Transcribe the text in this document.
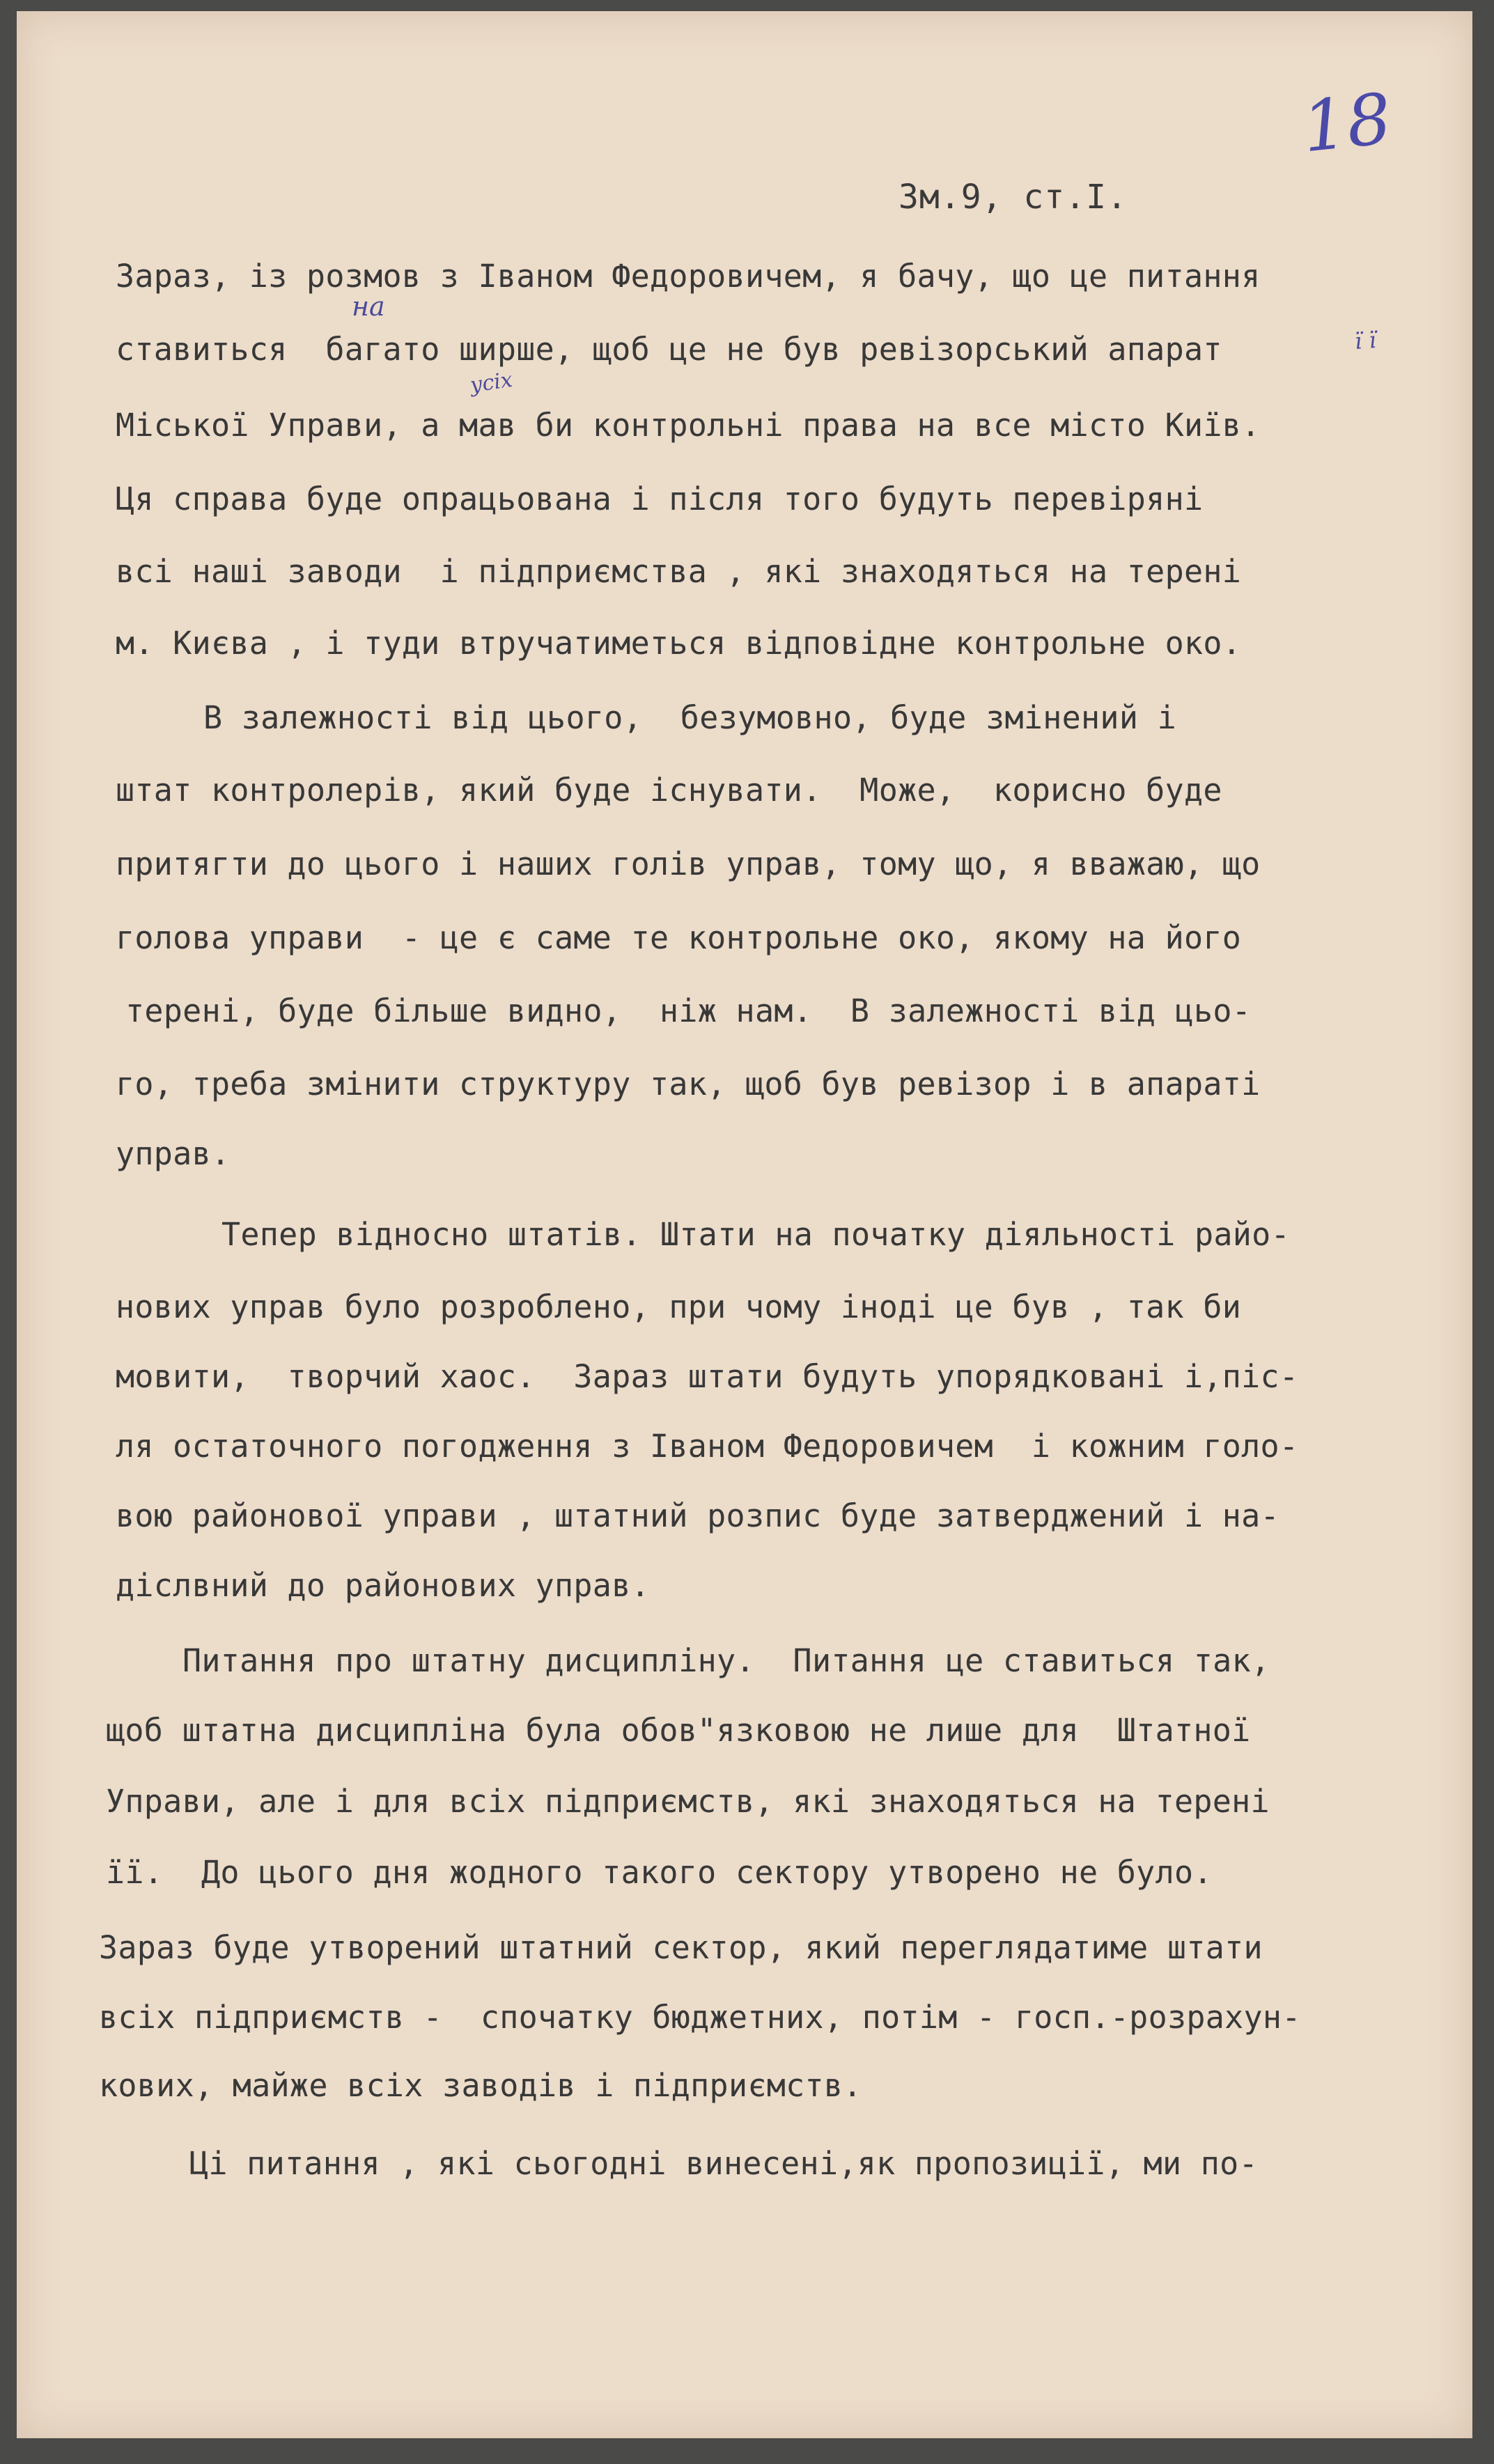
18
Зм.9, ст.І.
на
усіх
ї ї
Зараз, із розмов з Іваном Федоровичем, я бачу, що це питання
ставиться  багато ширше, щоб це не був ревізорський апарат
Міської Управи, а мав би контрольні права на все місто Київ.
Ця справа буде опрацьована і після того будуть перевіряні
всі наші заводи  і підприємства , які знаходяться на терені
м. Києва , і туди втручатиметься відповідне контрольне око.
В залежності від цього,  безумовно, буде змінений і
штат контролерів, який буде існувати.  Може,  корисно буде
притягти до цього і наших голів управ, тому що, я вважаю, що
голова управи  - це є саме те контрольне око, якому на його
терені, буде більше видно,  ніж нам.  В залежності від цьо-
го, треба змінити структуру так, щоб був ревізор і в апараті
управ.
Тепер відносно штатів. Штати на початку діяльності райо-
нових управ було розроблено, при чому іноді це був , так би
мовити,  творчий хаос.  Зараз штати будуть упорядковані і,піс-
ля остаточного погодження з Іваном Федоровичем  і кожним голо-
вою районової управи , штатний розпис буде затверджений і на-
діслвний до районових управ.
Питання про штатну дисципліну.  Питання це ставиться так,
щоб штатна дисципліна була обов"язковою не лише для  Штатної
Управи, але і для всіх підприємств, які знаходяться на терені
її.  До цього дня жодного такого сектору утворено не було.
Зараз буде утворений штатний сектор, який переглядатиме штати
всіх підприємств -  спочатку бюджетних, потім - госп.-розрахун-
кових, майже всіх заводів і підприємств.
Ці питання , які сьогодні винесені,як пропозиції, ми по-
